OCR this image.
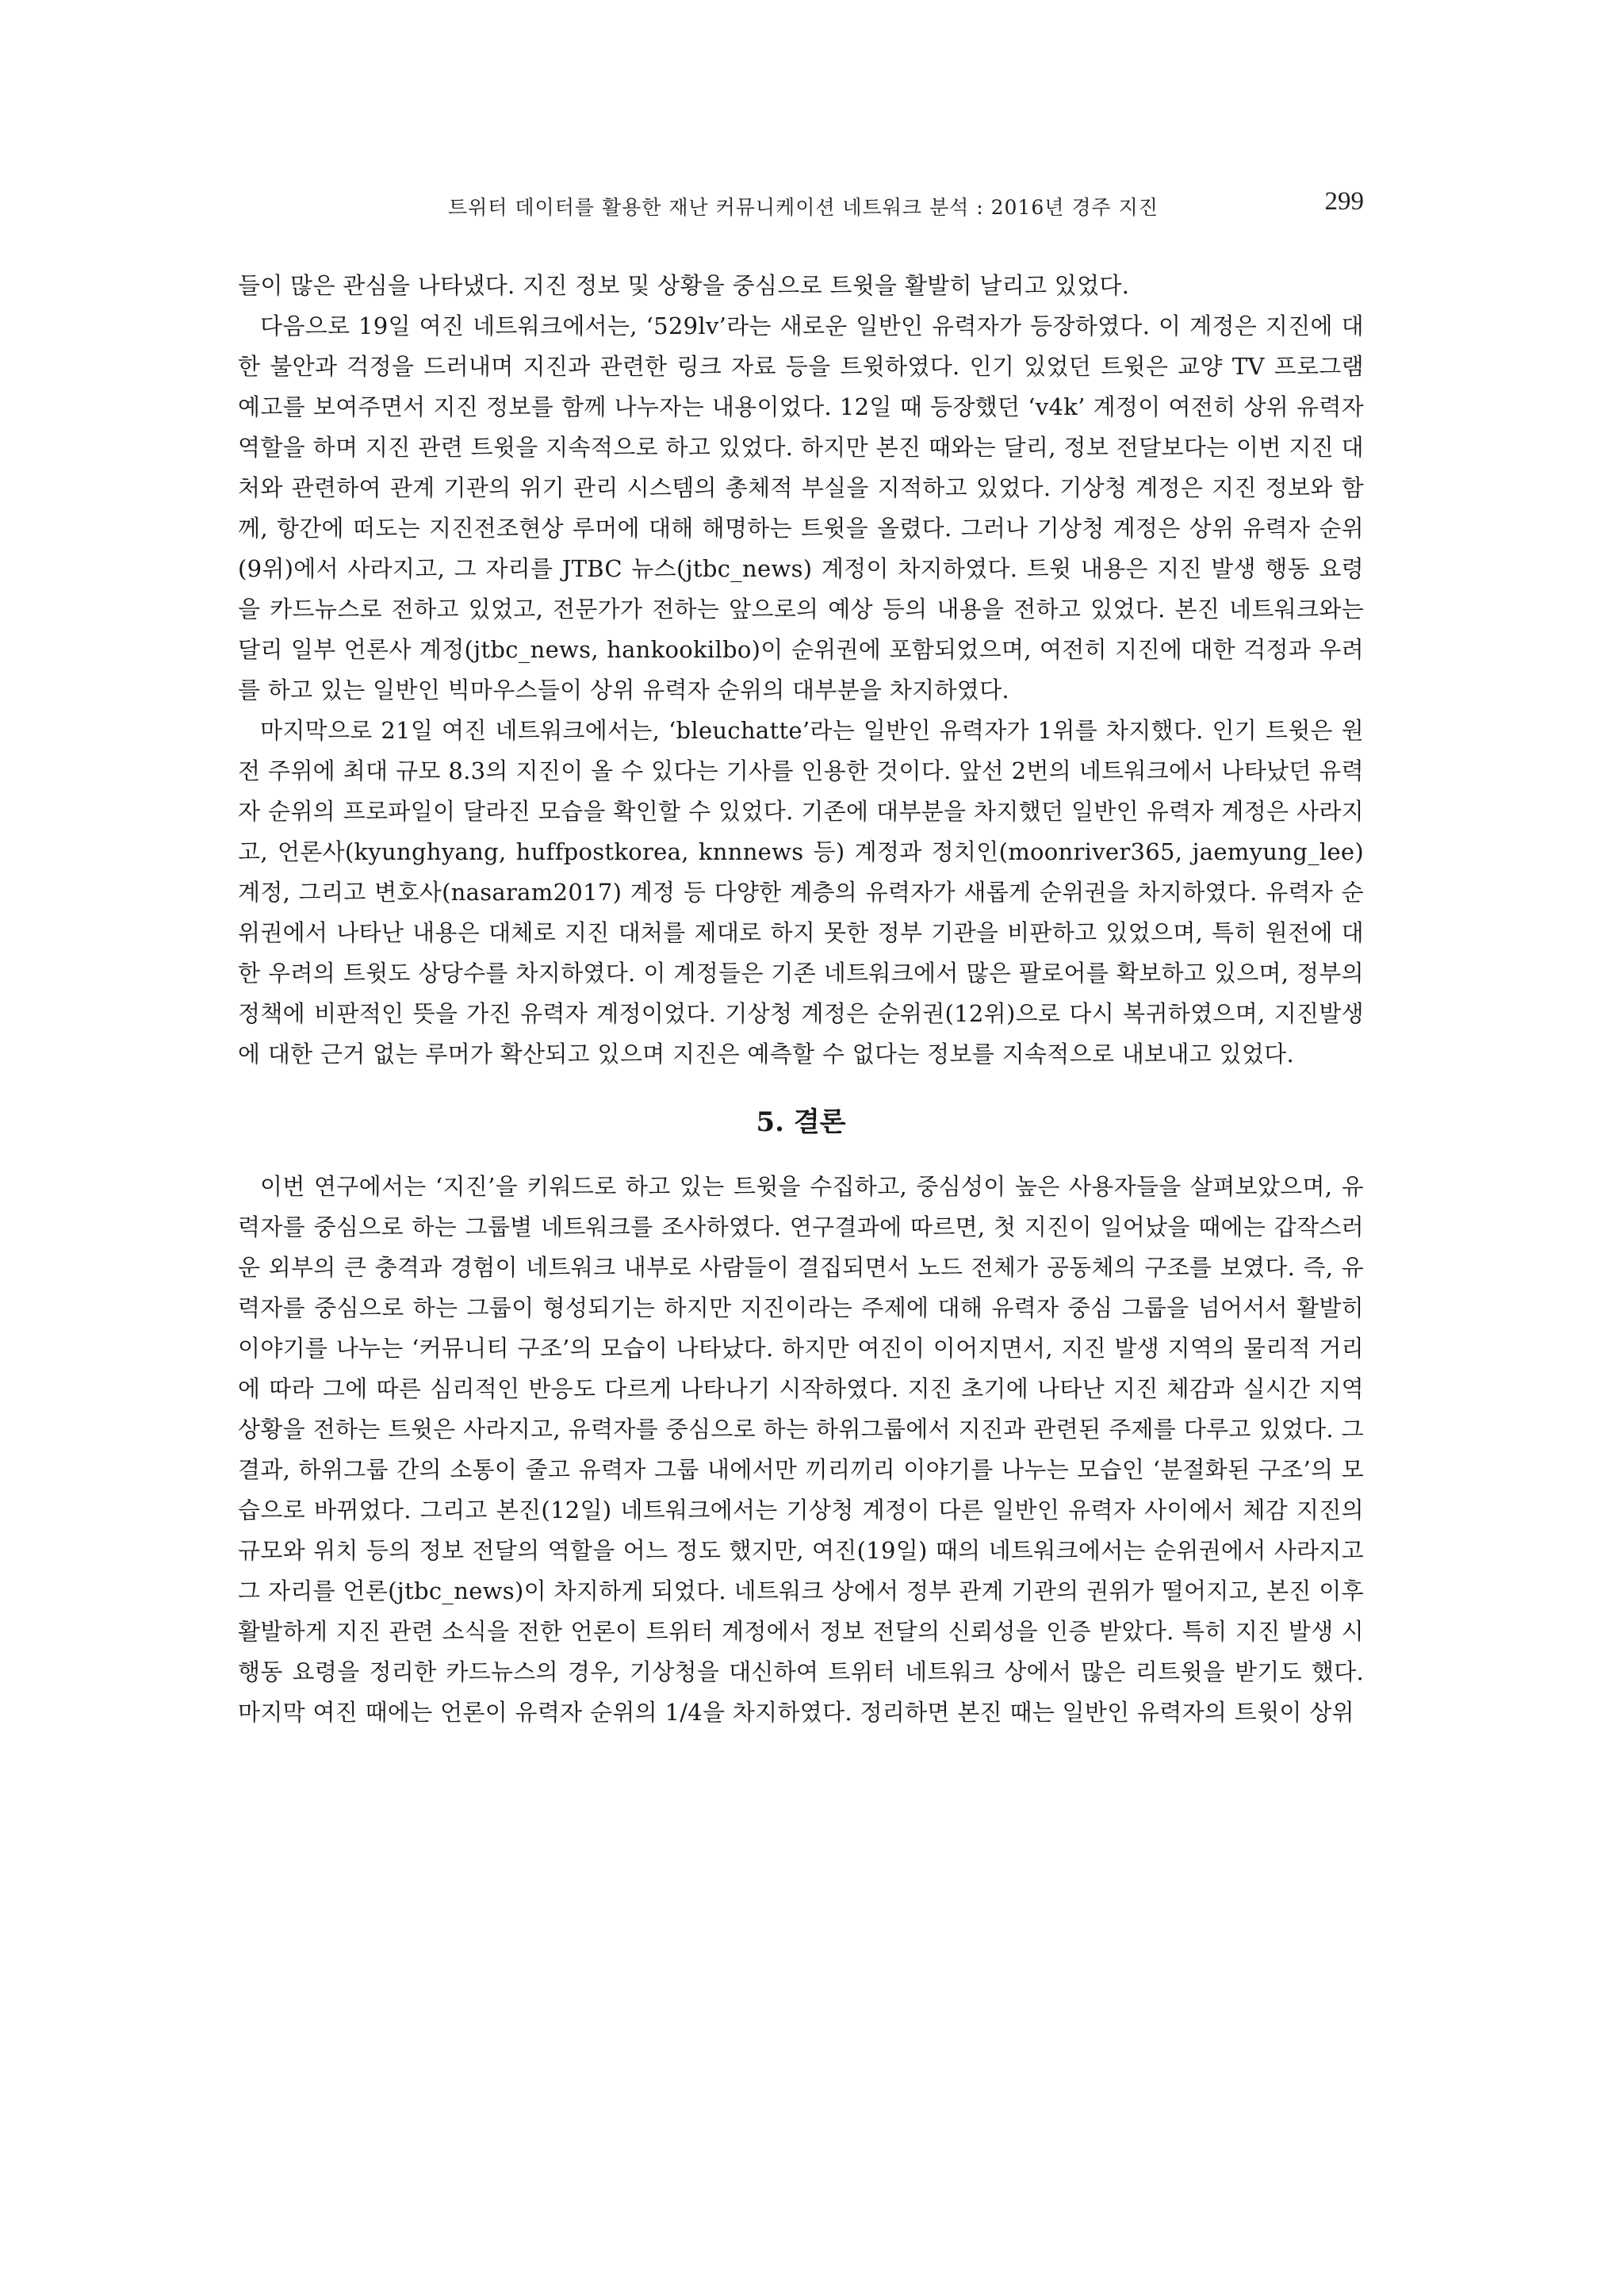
트위터 데이터를 활용한 재난 커뮤니케이션 네트워크 분석 : 2016년 경주 지진	299

들이 많은 관심을 나타냈다. 지진 정보 및 상황을 중심으로 트윗을 활발히 날리고 있었다.

다음으로 19일 여진 네트워크에서는, ‘529lv’라는 새로운 일반인 유력자가 등장하였다. 이 계정은 지진에 대한 불안과 걱정을 드러내며 지진과 관련한 링크 자료 등을 트윗하였다. 인기 있었던 트윗은 교양 TV 프로그램 예고를 보여주면서 지진 정보를 함께 나누자는 내용이었다. 12일 때 등장했던 ‘v4k’ 계정이 여전히 상위 유력자 역할을 하며 지진 관련 트윗을 지속적으로 하고 있었다. 하지만 본진 때와는 달리, 정보 전달보다는 이번 지진 대처와 관련하여 관계 기관의 위기 관리 시스템의 총체적 부실을 지적하고 있었다. 기상청 계정은 지진 정보와 함께, 항간에 떠도는 지진전조현상 루머에 대해 해명하는 트윗을 올렸다. 그러나 기상청 계정은 상위 유력자 순위(9위)에서 사라지고, 그 자리를 JTBC 뉴스(jtbc_news) 계정이 차지하였다. 트윗 내용은 지진 발생 행동 요령을 카드뉴스로 전하고 있었고, 전문가가 전하는 앞으로의 예상 등의 내용을 전하고 있었다. 본진 네트워크와는 달리 일부 언론사 계정(jtbc_news, hankookilbo)이 순위권에 포함되었으며, 여전히 지진에 대한 걱정과 우려를 하고 있는 일반인 빅마우스들이 상위 유력자 순위의 대부분을 차지하였다.

마지막으로 21일 여진 네트워크에서는, ‘bleuchatte’라는 일반인 유력자가 1위를 차지했다. 인기 트윗은 원전 주위에 최대 규모 8.3의 지진이 올 수 있다는 기사를 인용한 것이다. 앞선 2번의 네트워크에서 나타났던 유력자 순위의 프로파일이 달라진 모습을 확인할 수 있었다. 기존에 대부분을 차지했던 일반인 유력자 계정은 사라지고, 언론사(kyunghyang, huffpostkorea, knnnews 등) 계정과 정치인(moonriver365, jaemyung_lee) 계정, 그리고 변호사(nasaram2017) 계정 등 다양한 계층의 유력자가 새롭게 순위권을 차지하였다. 유력자 순위권에서 나타난 내용은 대체로 지진 대처를 제대로 하지 못한 정부 기관을 비판하고 있었으며, 특히 원전에 대한 우려의 트윗도 상당수를 차지하였다. 이 계정들은 기존 네트워크에서 많은 팔로어를 확보하고 있으며, 정부의 정책에 비판적인 뜻을 가진 유력자 계정이었다. 기상청 계정은 순위권(12위)으로 다시 복귀하였으며, 지진발생에 대한 근거 없는 루머가 확산되고 있으며 지진은 예측할 수 없다는 정보를 지속적으로 내보내고 있었다.

5. 결론

이번 연구에서는 ‘지진’을 키워드로 하고 있는 트윗을 수집하고, 중심성이 높은 사용자들을 살펴보았으며, 유력자를 중심으로 하는 그룹별 네트워크를 조사하였다. 연구결과에 따르면, 첫 지진이 일어났을 때에는 갑작스러운 외부의 큰 충격과 경험이 네트워크 내부로 사람들이 결집되면서 노드 전체가 공동체의 구조를 보였다. 즉, 유력자를 중심으로 하는 그룹이 형성되기는 하지만 지진이라는 주제에 대해 유력자 중심 그룹을 넘어서서 활발히 이야기를 나누는 ‘커뮤니티 구조’의 모습이 나타났다. 하지만 여진이 이어지면서, 지진 발생 지역의 물리적 거리에 따라 그에 따른 심리적인 반응도 다르게 나타나기 시작하였다. 지진 초기에 나타난 지진 체감과 실시간 지역 상황을 전하는 트윗은 사라지고, 유력자를 중심으로 하는 하위그룹에서 지진과 관련된 주제를 다루고 있었다. 그 결과, 하위그룹 간의 소통이 줄고 유력자 그룹 내에서만 끼리끼리 이야기를 나누는 모습인 ‘분절화된 구조’의 모습으로 바뀌었다. 그리고 본진(12일) 네트워크에서는 기상청 계정이 다른 일반인 유력자 사이에서 체감 지진의 규모와 위치 등의 정보 전달의 역할을 어느 정도 했지만, 여진(19일) 때의 네트워크에서는 순위권에서 사라지고 그 자리를 언론(jtbc_news)이 차지하게 되었다. 네트워크 상에서 정부 관계 기관의 권위가 떨어지고, 본진 이후 활발하게 지진 관련 소식을 전한 언론이 트위터 계정에서 정보 전달의 신뢰성을 인증 받았다. 특히 지진 발생 시 행동 요령을 정리한 카드뉴스의 경우, 기상청을 대신하여 트위터 네트워크 상에서 많은 리트윗을 받기도 했다. 마지막 여진 때에는 언론이 유력자 순위의 1/4을 차지하였다. 정리하면 본진 때는 일반인 유력자의 트윗이 상위
